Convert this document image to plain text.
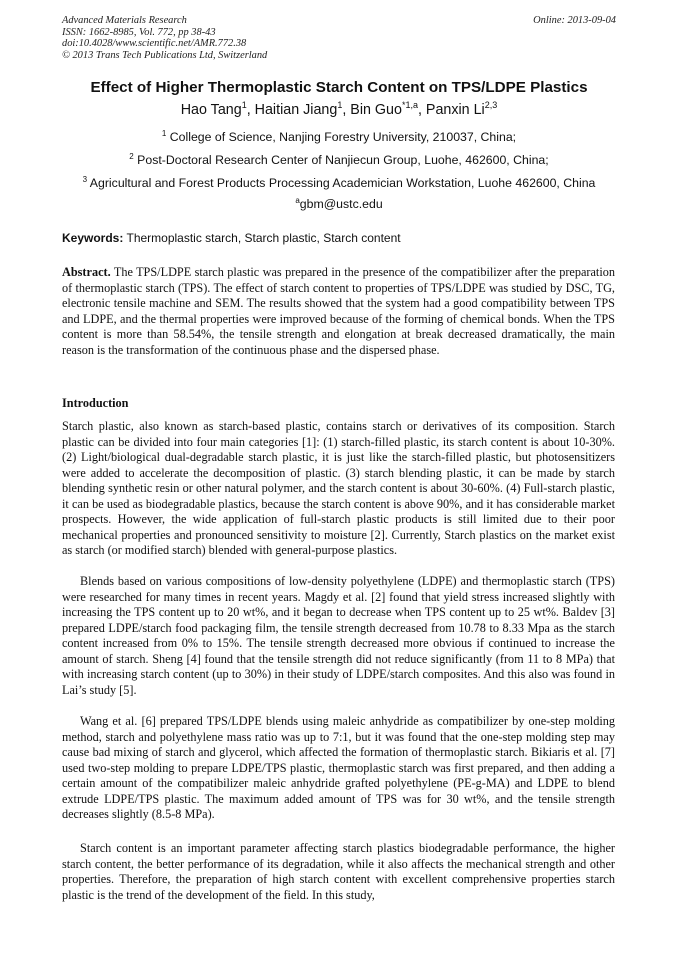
Advanced Materials Research
ISSN: 1662-8985, Vol. 772, pp 38-43
doi:10.4028/www.scientific.net/AMR.772.38
© 2013 Trans Tech Publications Ltd, Switzerland
Online: 2013-09-04
Effect of Higher Thermoplastic Starch Content on TPS/LDPE Plastics
Hao Tang$^1$, Haitian Jiang$^1$, Bin Guo$^{*1,a}$, Panxin Li$^{2,3}$
$^1$ College of Science, Nanjing Forestry University, 210037, China;
$^2$ Post-Doctoral Research Center of Nanjiecun Group, Luohe, 462600, China;
$^3$ Agricultural and Forest Products Processing Academician Workstation, Luohe 462600, China
$^a$gbm@ustc.edu
Keywords: Thermoplastic starch, Starch plastic, Starch content

Abstract. The TPS/LDPE starch plastic was prepared in the presence of the compatibilizer after the preparation of thermoplastic starch (TPS). The effect of starch content to properties of TPS/LDPE was studied by DSC, TG, electronic tensile machine and SEM. The results showed that the system had a good compatibility between TPS and LDPE, and the thermal properties were improved because of the forming of chemical bonds. When the TPS content is more than 58.54%, the tensile strength and elongation at break decreased dramatically, the main reason is the transformation of the continuous phase and the dispersed phase.

Introduction

Starch plastic, also known as starch-based plastic, contains starch or derivatives of its composition. Starch plastic can be divided into four main categories [1]: (1) starch-filled plastic, its starch content is about 10-30%. (2) Light/biological dual-degradable starch plastic, it is just like the starch-filled plastic, but photosensitizers were added to accelerate the decomposition of plastic. (3) starch blending plastic, it can be made by starch blending synthetic resin or other natural polymer, and the starch content is about 30-60%. (4) Full-starch plastic, it can be used as biodegradable plastics, because the starch content is above 90%, and it has considerable market prospects. However, the wide application of full-starch plastic products is still limited due to their poor mechanical properties and pronounced sensitivity to moisture [2]. Currently, Starch plastics on the market exist as starch (or modified starch) blended with general-purpose plastics.

Blends based on various compositions of low-density polyethylene (LDPE) and thermoplastic starch (TPS) were researched for many times in recent years. Magdy et al. [2] found that yield stress increased slightly with increasing the TPS content up to 20 wt%, and it began to decrease when TPS content up to 25 wt%. Baldev [3] prepared LDPE/starch food packaging film, the tensile strength decreased from 10.78 to 8.33 Mpa as the starch content increased from 0% to 15%. The tensile strength decreased more obvious if continued to increase the amount of starch. Sheng [4] found that the tensile strength did not reduce significantly (from 11 to 8 MPa) that with increasing starch content (up to 30%) in their study of LDPE/starch composites. And this also was found in Lai’s study [5].

Wang et al. [6] prepared TPS/LDPE blends using maleic anhydride as compatibilizer by one-step molding method, starch and polyethylene mass ratio was up to 7:1, but it was found that the one-step molding step may cause bad mixing of starch and glycerol, which affected the formation of thermoplastic starch. Bikiaris et al. [7] used two-step molding to prepare LDPE/TPS plastic, thermoplastic starch was first prepared, and then adding a certain amount of the compatibilizer maleic anhydride grafted polyethylene (PE-g-MA) and LDPE to blend extrude LDPE/TPS plastic. The maximum added amount of TPS was for 30 wt%, and the tensile strength decreases slightly (8.5-8 MPa).

Starch content is an important parameter affecting starch plastics biodegradable performance, the higher starch content, the better performance of its degradation, while it also affects the mechanical strength and other properties. Therefore, the preparation of high starch content with excellent comprehensive properties starch plastic is the trend of the development of the field. In this study,
